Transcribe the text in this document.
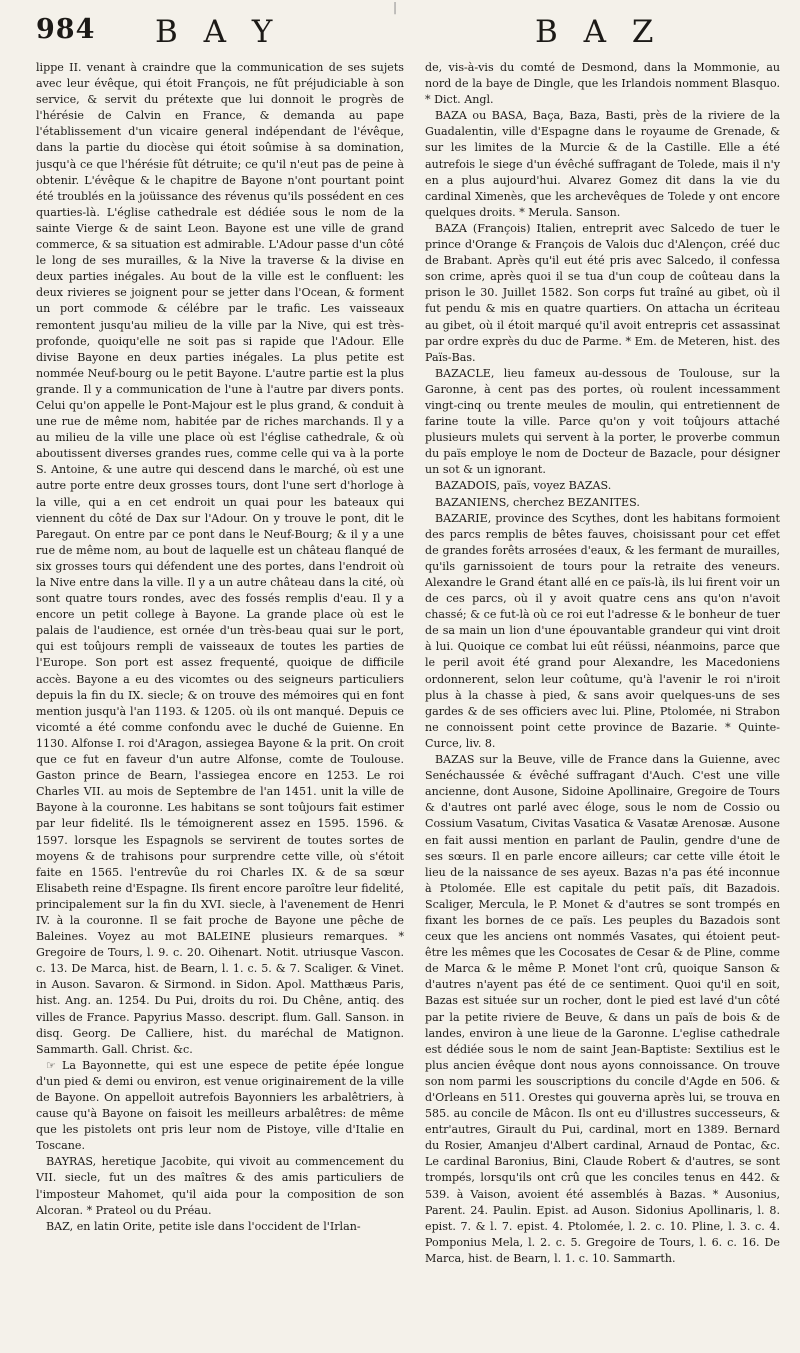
984 B A Y
|
B A Z

lippe II. venant à craindre que la communication de ses sujets avec leur évêque, qui étoit François, ne fût préjudiciable à son service, & servit du prétexte que lui donnoit le progrès de l'hérésie de Calvin en France, & demanda au pape l'établissement d'un vicaire general indépendant de l'évêque, dans la partie du diocèse qui étoit soûmise à sa domination, jusqu'à ce que l'hérésie fût détruite; ce qu'il n'eut pas de peine à obtenir. L'évêque & le chapitre de Bayone n'ont pourtant point été troublés en la joüissance des révenus qu'ils possédent en ces quarties-là. L'église cathedrale est dédiée sous le nom de la sainte Vierge & de saint Leon. Bayone est une ville de grand commerce, & sa situation est admirable. L'Adour passe d'un côté le long de ses murailles, & la Nive la traverse & la divise en deux parties inégales. Au bout de la ville est le confluent: les deux rivieres se joignent pour se jetter dans l'Ocean, & forment un port commode & célébre par le trafic. Les vaisseaux remontent jusqu'au milieu de la ville par la Nive, qui est très-profonde, quoiqu'elle ne soit pas si rapide que l'Adour. Elle divise Bayone en deux parties inégales. La plus petite est nommée Neuf-bourg ou le petit Bayone. L'autre partie est la plus grande. Il y a communication de l'une à l'autre par divers ponts. Celui qu'on appelle le Pont-Majour est le plus grand, & conduit à une rue de même nom, habitée par de riches marchands. Il y a au milieu de la ville une place où est l'église cathedrale, & où aboutissent diverses grandes rues, comme celle qui va à la porte S. Antoine, & une autre qui descend dans le marché, où est une autre porte entre deux grosses tours, dont l'une sert d'horloge à la ville, qui a en cet endroit un quai pour les bateaux qui viennent du côté de Dax sur l'Adour. On y trouve le pont, dit le Paregaut. On entre par ce pont dans le Neuf-Bourg; & il y a une rue de même nom, au bout de laquelle est un château flanqué de six grosses tours qui défendent une des portes, dans l'endroit où la Nive entre dans la ville. Il y a un autre château dans la cité, où sont quatre tours rondes, avec des fossés remplis d'eau. Il y a encore un petit college à Bayone. La grande place où est le palais de l'audience, est ornée d'un très-beau quai sur le port, qui est toûjours rempli de vaisseaux de toutes les parties de l'Europe. Son port est assez frequenté, quoique de difficile accès. Bayone a eu des vicomtes ou des seigneurs particuliers depuis la fin du IX. siecle; & on trouve des mémoires qui en font mention jusqu'à l'an 1193. & 1205. où ils ont manqué. Depuis ce vicomté a été comme confondu avec le duché de Guienne. En 1130. Alfonse I. roi d'Aragon, assiegea Bayone & la prit. On croit que ce fut en faveur d'un autre Alfonse, comte de Toulouse. Gaston prince de Bearn, l'assiegea encore en 1253. Le roi Charles VII. au mois de Septembre de l'an 1451. unit la ville de Bayone à la couronne. Les habitans se sont toûjours fait estimer par leur fidelité. Ils le témoignerent assez en 1595. 1596. & 1597. lorsque les Espagnols se servirent de toutes sortes de moyens & de trahisons pour surprendre cette ville, où s'étoit faite en 1565. l'entrevûe du roi Charles IX. & de sa sœur Elisabeth reine d'Espagne. Ils firent encore paroître leur fidelité, principalement sur la fin du XVI. siecle, à l'avenement de Henri IV. à la couronne. Il se fait proche de Bayone une pêche de Baleines. Voyez au mot BALEINE plusieurs remarques. * Gregoire de Tours, l. 9. c. 20. Oihenart. Notit. utriusque Vascon. c. 13. De Marca, hist. de Bearn, l. 1. c. 5. & 7. Scaliger. & Vinet. in Auson. Savaron. & Sirmond. in Sidon. Apol. Matthæus Paris, hist. Ang. an. 1254. Du Pui, droits du roi. Du Chêne, antiq. des villes de France. Papyrius Masso. descript. flum. Gall. Sanson. in disq. Georg. De Calliere, hist. du maréchal de Matignon. Sammarth. Gall. Christ. &c.

☞ La Bayonnette, qui est une espece de petite épée longue d'un pied & demi ou environ, est venue originairement de la ville de Bayone. On appelloit autrefois Bayonniers les arbalêtriers, à cause qu'à Bayone on faisoit les meilleurs arbalêtres: de même que les pistolets ont pris leur nom de Pistoye, ville d'Italie en Toscane.

BAYRAS, heretique Jacobite, qui vivoit au commencement du VII. siecle, fut un des maîtres & des amis particuliers de l'imposteur Mahomet, qu'il aida pour la composition de son Alcoran. * Prateol ou du Préau.

BAZ, en latin Orite, petite isle dans l'occident de l'Irlan-

de, vis-à-vis du comté de Desmond, dans la Mommonie, au nord de la baye de Dingle, que les Irlandois nomment Blasquo. * Dict. Angl.

BAZA ou BASA, Baça, Baza, Basti, près de la riviere de la Guadalentin, ville d'Espagne dans le royaume de Grenade, & sur les limites de la Murcie & de la Castille. Elle a été autrefois le siege d'un évêché suffragant de Tolede, mais il n'y en a plus aujourd'hui. Alvarez Gomez dit dans la vie du cardinal Ximenès, que les archevêques de Tolede y ont encore quelques droits. * Merula. Sanson.

BAZA (François) Italien, entreprit avec Salcedo de tuer le prince d'Orange & François de Valois duc d'Alençon, créé duc de Brabant. Après qu'il eut été pris avec Salcedo, il confessa son crime, après quoi il se tua d'un coup de coûteau dans la prison le 30. Juillet 1582. Son corps fut traîné au gibet, où il fut pendu & mis en quatre quartiers. On attacha un écriteau au gibet, où il étoit marqué qu'il avoit entrepris cet assassinat par ordre exprès du duc de Parme. * Em. de Meteren, hist. des Païs-Bas.

BAZACLE, lieu fameux au-dessous de Toulouse, sur la Garonne, à cent pas des portes, où roulent incessamment vingt-cinq ou trente meules de moulin, qui entretiennent de farine toute la ville. Parce qu'on y voit toûjours attaché plusieurs mulets qui servent à la porter, le proverbe commun du païs employe le nom de Docteur de Bazacle, pour désigner un sot & un ignorant.

BAZADOIS, païs, voyez BAZAS.

BAZANIENS, cherchez BEZANITES.

BAZARIE, province des Scythes, dont les habitans formoient des parcs remplis de bêtes fauves, choisissant pour cet effet de grandes forêts arrosées d'eaux, & les fermant de murailles, qu'ils garnissoient de tours pour la retraite des veneurs. Alexandre le Grand étant allé en ce païs-là, ils lui firent voir un de ces parcs, où il y avoit quatre cens ans qu'on n'avoit chassé; & ce fut-là où ce roi eut l'adresse & le bonheur de tuer de sa main un lion d'une épouvantable grandeur qui vint droit à lui. Quoique ce combat lui eût réüssi, néanmoins, parce que le peril avoit été grand pour Alexandre, les Macedoniens ordonnerent, selon leur coûtume, qu'à l'avenir le roi n'iroit plus à la chasse à pied, & sans avoir quelques-uns de ses gardes & de ses officiers avec lui. Pline, Ptolomée, ni Strabon ne connoissent point cette province de Bazarie. * Quinte-Curce, liv. 8.

BAZAS sur la Beuve, ville de France dans la Guienne, avec Senéchaussée & évêché suffragant d'Auch. C'est une ville ancienne, dont Ausone, Sidoine Apollinaire, Gregoire de Tours & d'autres ont parlé avec éloge, sous le nom de Cossio ou Cossium Vasatum, Civitas Vasatica & Vasatæ Arenosæ. Ausone en fait aussi mention en parlant de Paulin, gendre d'une de ses sœurs. Il en parle encore ailleurs; car cette ville étoit le lieu de la naissance de ses ayeux. Bazas n'a pas été inconnue à Ptolomée. Elle est capitale du petit païs, dit Bazadois. Scaliger, Mercula, le P. Monet & d'autres se sont trompés en fixant les bornes de ce païs. Les peuples du Bazadois sont ceux que les anciens ont nommés Vasates, qui étoient peut-être les mêmes que les Cocosates de Cesar & de Pline, comme de Marca & le même P. Monet l'ont crû, quoique Sanson & d'autres n'ayent pas été de ce sentiment. Quoi qu'il en soit, Bazas est située sur un rocher, dont le pied est lavé d'un côté par la petite riviere de Beuve, & dans un païs de bois & de landes, environ à une lieue de la Garonne. L'eglise cathedrale est dédiée sous le nom de saint Jean-Baptiste: Sextilius est le plus ancien évêque dont nous ayons connoissance. On trouve son nom parmi les souscriptions du concile d'Agde en 506. & d'Orleans en 511. Orestes qui gouverna après lui, se trouva en 585. au concile de Mâcon. Ils ont eu d'illustres successeurs, & entr'autres, Girault du Pui, cardinal, mort en 1389. Bernard du Rosier, Amanjeu d'Albert cardinal, Arnaud de Pontac, &c. Le cardinal Baronius, Bini, Claude Robert & d'autres, se sont trompés, lorsqu'ils ont crû que les conciles tenus en 442. & 539. à Vaison, avoient été assemblés à Bazas. * Ausonius, Parent. 24. Paulin. Epist. ad Auson. Sidonius Apollinaris, l. 8. epist. 7. & l. 7. epist. 4. Ptolomée, l. 2. c. 10. Pline, l. 3. c. 4. Pomponius Mela, l. 2. c. 5. Gregoire de Tours, l. 6. c. 16. De Marca, hist. de Bearn, l. 1. c. 10. Sammarth.
